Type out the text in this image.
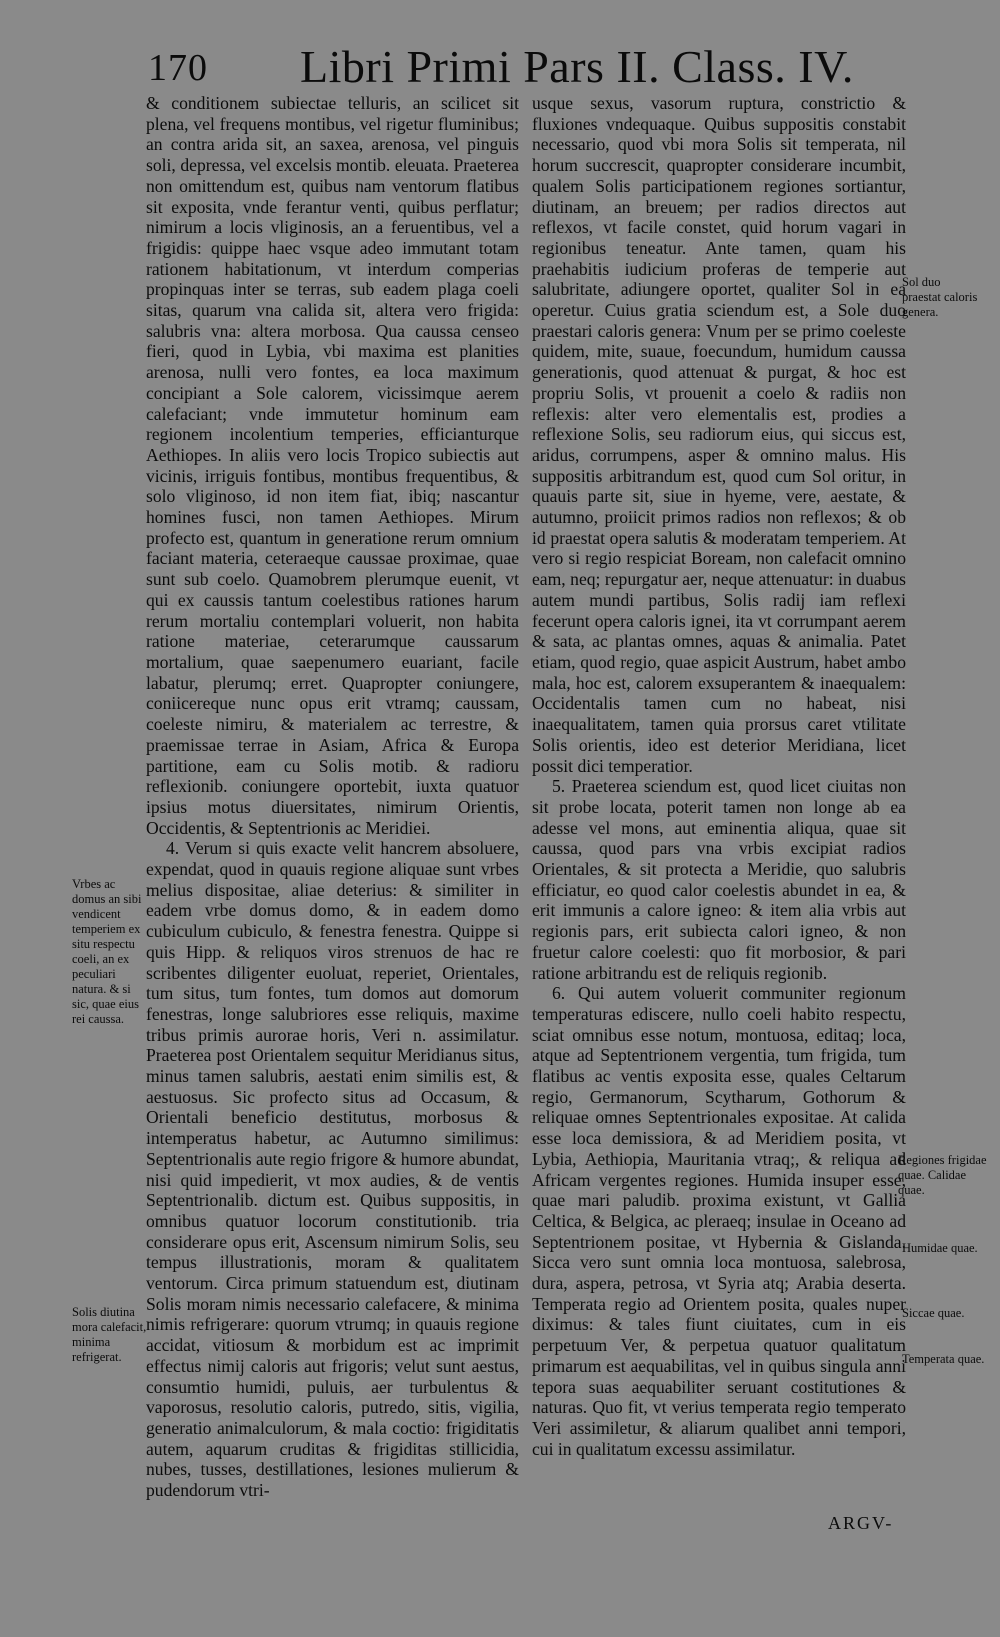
170 Libri Primi Pars II. Class. IV.

& conditionem subiectae telluris, an scilicet sit plena, vel frequens montibus, vel rigetur fluminibus; an contra arida sit, an saxea, arenosa, vel pinguis soli, depressa, vel excelsis montib. eleuata. Praeterea non omittendum est, quibus nam ventorum flatibus sit exposita, vnde ferantur venti, quibus perflatur; nimirum a locis vliginosis, an a feruentibus, vel a frigidis: quippe haec vsque adeo immutant totam rationem habitationum, vt interdum comperias propinquas inter se terras, sub eadem plaga coeli sitas, quarum vna calida sit, altera vero frigida: salubris vna: altera morbosa. Qua caussa censeo fieri, quod in Lybia, vbi maxima est planities arenosa, nulli vero fontes, ea loca maximum concipiant a Sole calorem, vicissimque aerem calefaciant; vnde immutetur hominum eam regionem incolentium temperies, efficianturque Aethiopes. In aliis vero locis Tropico subiectis aut vicinis, irriguis fontibus, montibus frequentibus, & solo vliginoso, id non item fiat, ibiq; nascantur homines fusci, non tamen Aethiopes. Mirum profecto est, quantum in generatione rerum omnium faciant materia, ceteraeque caussae proximae, quae sunt sub coelo. Quamobrem plerumque euenit, vt qui ex caussis tantum coelestibus rationes harum rerum mortaliu contemplari voluerit, non habita ratione materiae, ceterarumque caussarum mortalium, quae saepenumero euariant, facile labatur, plerumq; erret. Quapropter coniungere, coniicereque nunc opus erit vtramq; caussam, coeleste nimiru, & materialem ac terrestre, & praemissae terrae in Asiam, Africa & Europa partitione, eam cu Solis motib. & radioru reflexionib. coniungere oportebit, iuxta quatuor ipsius motus diuersitates, nimirum Orientis, Occidentis, & Septentrionis ac Meridiei.

4. Verum si quis exacte velit hancrem absoluere, expendat, quod in quauis regione aliquae sunt vrbes melius dispositae, aliae deterius: & similiter in eadem vrbe domus domo, & in eadem domo cubiculum cubiculo, & fenestra fenestra. Quippe si quis Hipp. & reliquos viros strenuos de hac re scribentes diligenter euoluat, reperiet, Orientales, tum situs, tum fontes, tum domos aut domorum fenestras, longe salubriores esse reliquis, maxime tribus primis aurorae horis, Veri n. assimilatur. Praeterea post Orientalem sequitur Meridianus situs, minus tamen salubris, aestati enim similis est, & aestuosus. Sic profecto situs ad Occasum, & Orientali beneficio destitutus, morbosus & intemperatus habetur, ac Autumno similimus: Septentrionalis aute regio frigore & humore abundat, nisi quid impedierit, vt mox audies, & de ventis Septentrionalib. dictum est. Quibus suppositis, in omnibus quatuor locorum constitutionib. tria considerare opus erit, Ascensum nimirum Solis, seu tempus illustrationis, moram & qualitatem ventorum. Circa primum statuendum est, diutinam Solis moram nimis necessario calefacere, & minima nimis refrigerare: quorum vtrumq; in quauis regione accidat, vitiosum & morbidum est ac imprimit effectus nimij caloris aut frigoris; velut sunt aestus, consumtio humidi, puluis, aer turbulentus & vaporosus, resolutio caloris, putredo, sitis, vigilia, generatio animalculorum, & mala coctio: frigiditatis autem, aquarum cruditas & frigiditas stillicidia, nubes, tusses, destillationes, lesiones mulierum & pudendorum vtri-

usque sexus, vasorum ruptura, constrictio & fluxiones vndequaque. Quibus suppositis constabit necessario, quod vbi mora Solis sit temperata, nil horum succrescit, quapropter considerare incumbit, qualem Solis participationem regiones sortiantur, diutinam, an breuem; per radios directos aut reflexos, vt facile constet, quid horum vagari in regionibus teneatur. Ante tamen, quam his praehabitis iudicium proferas de temperie aut salubritate, adiungere oportet, qualiter Sol in ea operetur. Cuius gratia sciendum est, a Sole duo praestari caloris genera: Vnum per se primo coeleste quidem, mite, suaue, foecundum, humidum caussa generationis, quod attenuat & purgat, & hoc est propriu Solis, vt prouenit a coelo & radiis non reflexis: alter vero elementalis est, prodies a reflexione Solis, seu radiorum eius, qui siccus est, aridus, corrumpens, asper & omnino malus. His suppositis arbitrandum est, quod cum Sol oritur, in quauis parte sit, siue in hyeme, vere, aestate, & autumno, proiicit primos radios non reflexos; & ob id praestat opera salutis & moderatam temperiem. At vero si regio respiciat Boream, non calefacit omnino eam, neq; repurgatur aer, neque attenuatur: in duabus autem mundi partibus, Solis radij iam reflexi fecerunt opera caloris ignei, ita vt corrumpant aerem & sata, ac plantas omnes, aquas & animalia. Patet etiam, quod regio, quae aspicit Austrum, habet ambo mala, hoc est, calorem exsuperantem & inaequalem: Occidentalis tamen cum no habeat, nisi inaequalitatem, tamen quia prorsus caret vtilitate Solis orientis, ideo est deterior Meridiana, licet possit dici temperatior.

5. Praeterea sciendum est, quod licet ciuitas non sit probe locata, poterit tamen non longe ab ea adesse vel mons, aut eminentia aliqua, quae sit caussa, quod pars vna vrbis excipiat radios Orientales, & sit protecta a Meridie, quo salubris efficiatur, eo quod calor coelestis abundet in ea, & erit immunis a calore igneo: & item alia vrbis aut regionis pars, erit subiecta calori igneo, & non fruetur calore coelesti: quo fit morbosior, & pari ratione arbitrandu est de reliquis regionib.

6. Qui autem voluerit communiter regionum temperaturas ediscere, nullo coeli habito respectu, sciat omnibus esse notum, montuosa, editaq; loca, atque ad Septentrionem vergentia, tum frigida, tum flatibus ac ventis exposita esse, quales Celtarum regio, Germanorum, Scytharum, Gothorum & reliquae omnes Septentrionales expositae. At calida esse loca demissiora, & ad Meridiem posita, vt Lybia, Aethiopia, Mauritania vtraq;, & reliqua ad Africam vergentes regiones. Humida insuper esse, quae mari paludib. proxima existunt, vt Gallia Celtica, & Belgica, ac pleraeq; insulae in Oceano ad Septentrionem positae, vt Hybernia & Gislanda. Sicca vero sunt omnia loca montuosa, salebrosa, dura, aspera, petrosa, vt Syria atq; Arabia deserta. Temperata regio ad Orientem posita, quales nuper diximus: & tales fiunt ciuitates, cum in eis perpetuum Ver, & perpetua quatuor qualitatum primarum est aequabilitas, vel in quibus singula anni tepora suas aequabiliter seruant costitutiones & naturas. Quo fit, vt verius temperata regio temperato Veri assimiletur, & aliarum qualibet anni tempori, cui in qualitatum excessu assimilatur.

Vrbes ac domus an sibi vendicent temperiem ex situ respectu coeli, an ex peculiari natura. & si sic, quae eius rei caussa.
Solis diutina mora calefacit, minima refrigerat.
Sol duo praestat caloris genera.
Regiones frigidae quae. Calidae quae.
Humidae quae.
Siccae quae.
Temperata quae.
ARGV-
